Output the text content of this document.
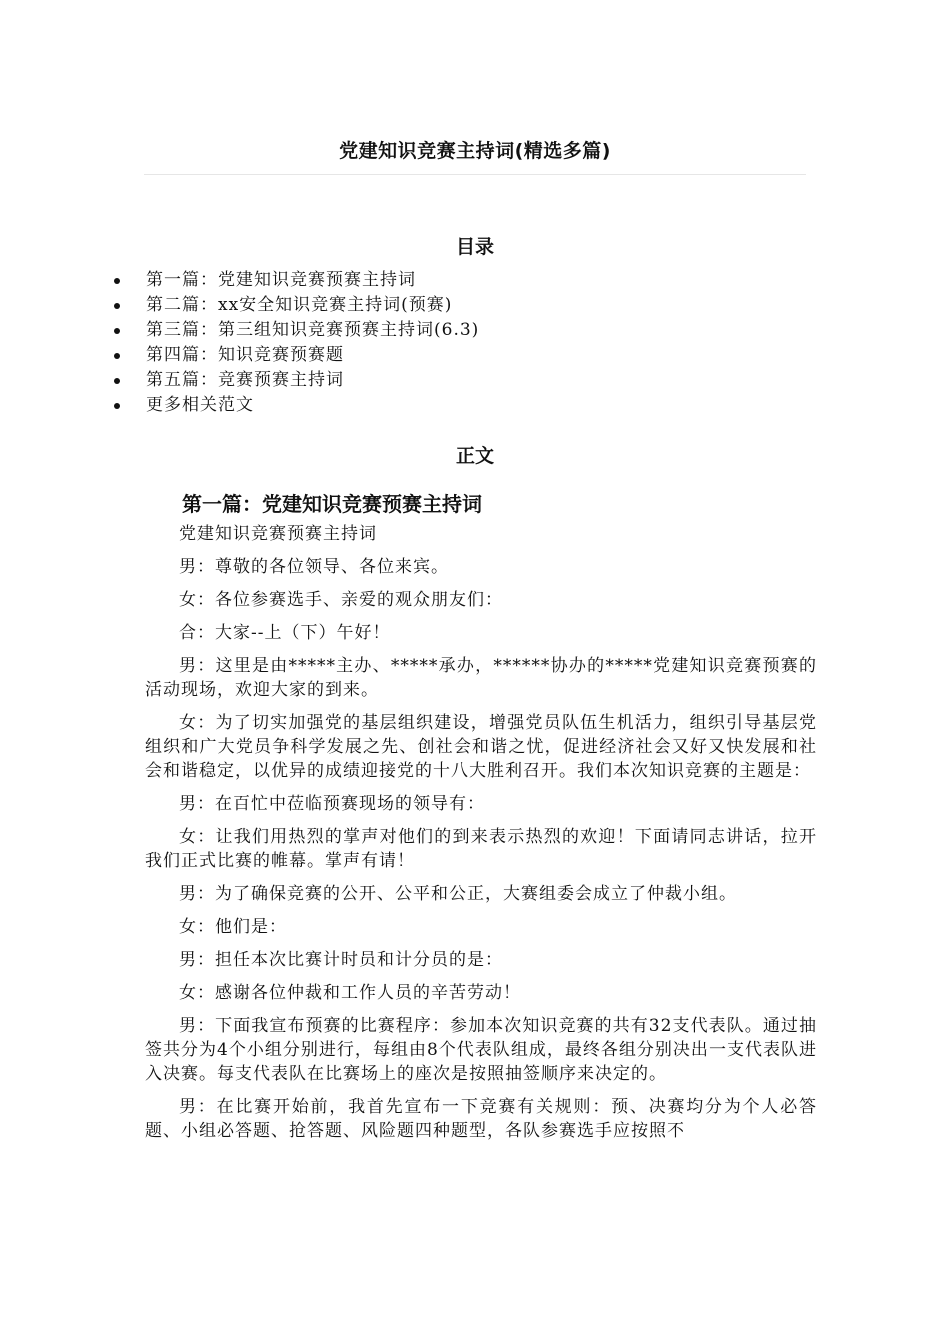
党建知识竞赛主持词(精选多篇)
目录
第一篇：党建知识竞赛预赛主持词
第二篇：xx安全知识竞赛主持词(预赛)
第三篇：第三组知识竞赛预赛主持词(6.3)
第四篇：知识竞赛预赛题
第五篇：竞赛预赛主持词
更多相关范文
正文
第一篇：党建知识竞赛预赛主持词

党建知识竞赛预赛主持词

男：尊敬的各位领导、各位来宾。

女：各位参赛选手、亲爱的观众朋友们：

合：大家--上（下）午好！

男：这里是由*****主办、*****承办，******协办的*****党建知识竞赛预赛的活动现场，欢迎大家的到来。

女：为了切实加强党的基层组织建设，增强党员队伍生机活力，组织引导基层党组织和广大党员争科学发展之先、创社会和谐之忧，促进经济社会又好又快发展和社会和谐稳定，以优异的成绩迎接党的十八大胜利召开。我们本次知识竞赛的主题是：

男：在百忙中莅临预赛现场的领导有：

女：让我们用热烈的掌声对他们的到来表示热烈的欢迎！下面请同志讲话，拉开我们正式比赛的帷幕。掌声有请！

男：为了确保竞赛的公开、公平和公正，大赛组委会成立了仲裁小组。

女：他们是：

男：担任本次比赛计时员和计分员的是：

女：感谢各位仲裁和工作人员的辛苦劳动！

男：下面我宣布预赛的比赛程序：参加本次知识竞赛的共有32支代表队。通过抽签共分为4个小组分别进行，每组由8个代表队组成，最终各组分别决出一支代表队进入决赛。每支代表队在比赛场上的座次是按照抽签顺序来决定的。

男：在比赛开始前，我首先宣布一下竞赛有关规则：预、决赛均分为个人必答题、小组必答题、抢答题、风险题四种题型，各队参赛选手应按照不
